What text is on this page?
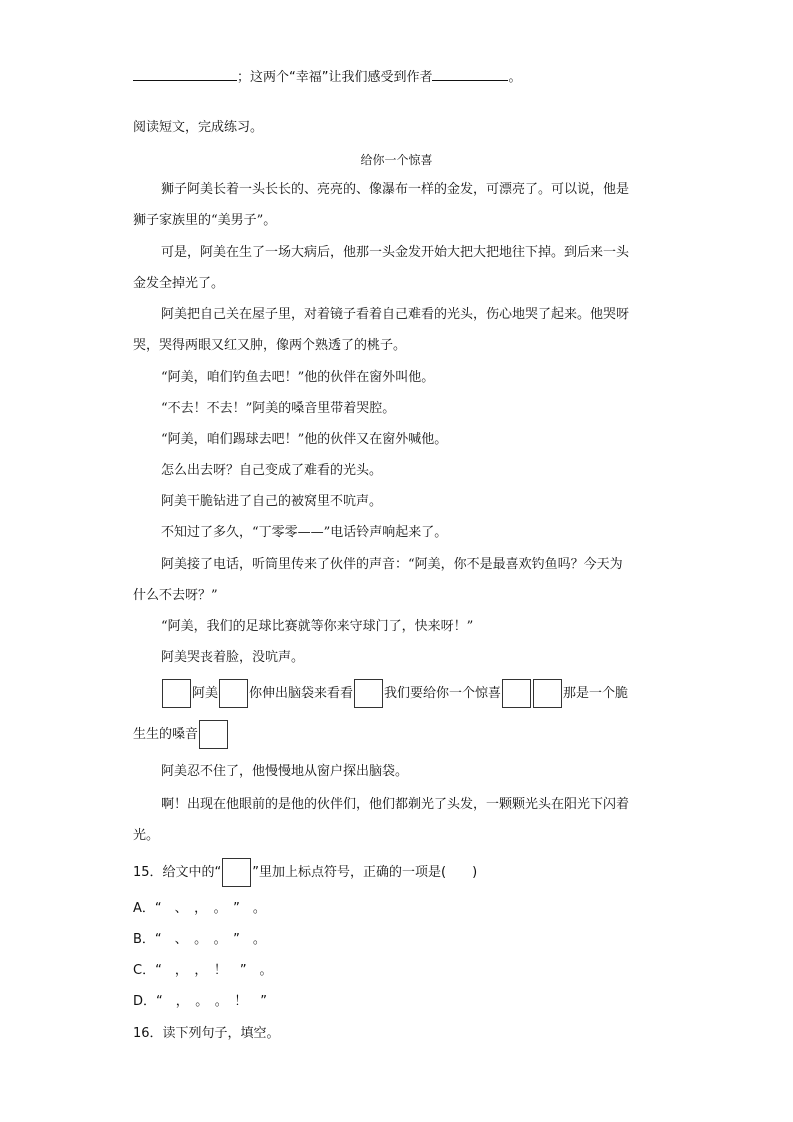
；这两个“幸福”让我们感受到作者	。
阅读短文，完成练习。
给你一个惊喜
狮子阿美长着一头长长的、亮亮的、像瀑布一样的金发，可漂亮了。可以说，他是
狮子家族里的“美男子”。
可是，阿美在生了一场大病后，他那一头金发开始大把大把地往下掉。到后来一头
金发全掉光了。
阿美把自己关在屋子里，对着镜子看着自己难看的光头，伤心地哭了起来。他哭呀
哭，哭得两眼又红又肿，像两个熟透了的桃子。
“阿美，咱们钓鱼去吧！”他的伙伴在窗外叫他。
“不去！不去！”阿美的嗓音里带着哭腔。
“阿美，咱们踢球去吧！”他的伙伴又在窗外喊他。
怎么出去呀？自己变成了难看的光头。
阿美干脆钻进了自己的被窝里不吭声。
不知过了多久，“丁零零——”电话铃声响起来了。
阿美接了电话，听筒里传来了伙伴的声音：“阿美，你不是最喜欢钓鱼吗？今天为
什么不去呀？”
“阿美，我们的足球比赛就等你来守球门了，快来呀！”
阿美哭丧着脸，没吭声。
阿美 你伸出脑袋来看看 我们要给你一个惊喜	那是一个脆
生生的嗓音
阿美忍不住了，他慢慢地从窗户探出脑袋。
啊！出现在他眼前的是他的伙伴们，他们都剃光了头发，一颗颗光头在阳光下闪着
光。
15．给文中的“ ”里加上标点符号，正确的一项是(　　)
A．“　、　，　。　”　。
B．“　、　。　。　”　。
C．“　，　，　！　”　。
D．“　，　。　。　！　”
16．读下列句子，填空。
